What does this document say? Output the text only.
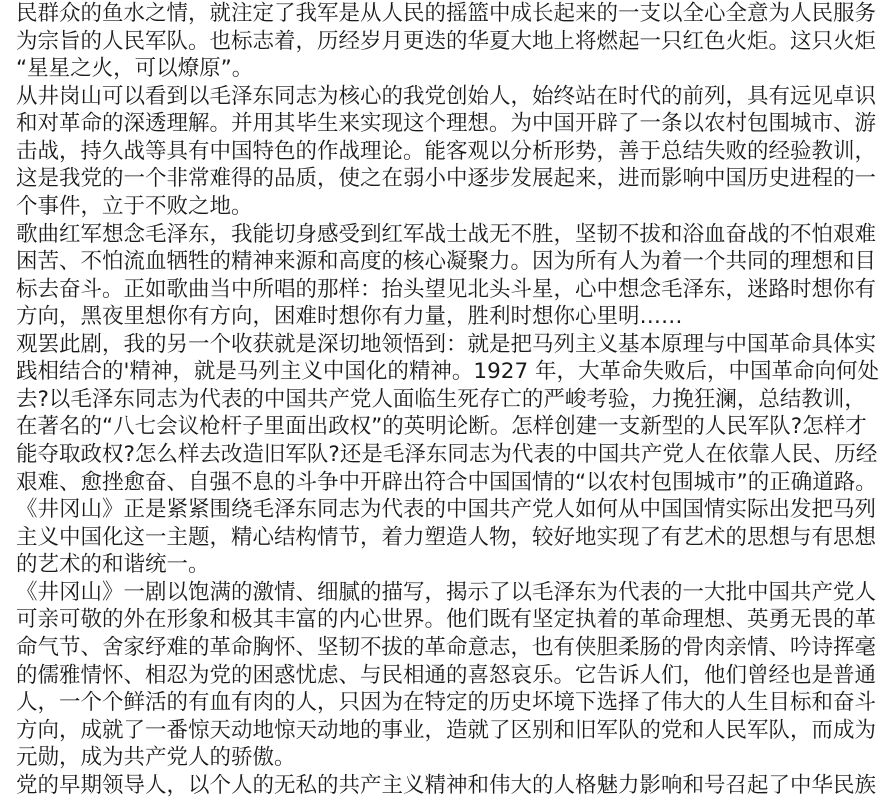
民群众的鱼水之情，就注定了我军是从人民的摇篮中成长起来的一支以全心全意为人民服务
为宗旨的人民军队。也标志着，历经岁月更迭的华夏大地上将燃起一只红色火炬。这只火炬
“星星之火，可以燎原”。
从井岗山可以看到以毛泽东同志为核心的我党创始人，始终站在时代的前列，具有远见卓识
和对革命的深透理解。并用其毕生来实现这个理想。为中国开辟了一条以农村包围城市、游
击战，持久战等具有中国特色的作战理论。能客观以分析形势，善于总结失败的经验教训，
这是我党的一个非常难得的品质，使之在弱小中逐步发展起来，进而影响中国历史进程的一
个事件，立于不败之地。
歌曲红军想念毛泽东，我能切身感受到红军战士战无不胜，坚韧不拔和浴血奋战的不怕艰难
困苦、不怕流血牺牲的精神来源和高度的核心凝聚力。因为所有人为着一个共同的理想和目
标去奋斗。正如歌曲当中所唱的那样：抬头望见北头斗星，心中想念毛泽东，迷路时想你有
方向，黑夜里想你有方向，困难时想你有力量，胜利时想你心里明……
观罢此剧，我的另一个收获就是深切地领悟到：就是把马列主义基本原理与中国革命具体实
践相结合的'精神，就是马列主义中国化的精神。1927 年，大革命失败后，中国革命向何处
去?以毛泽东同志为代表的中国共产党人面临生死存亡的严峻考验，力挽狂澜，总结教训，
在著名的“八七会议枪杆子里面出政权”的英明论断。怎样创建一支新型的人民军队?怎样才
能夺取政权?怎么样去改造旧军队?还是毛泽东同志为代表的中国共产党人在依靠人民、历经
艰难、愈挫愈奋、自强不息的斗争中开辟出符合中国国情的“以农村包围城市”的正确道路。
《井冈山》正是紧紧围绕毛泽东同志为代表的中国共产党人如何从中国国情实际出发把马列
主义中国化这一主题，精心结构情节，着力塑造人物，较好地实现了有艺术的思想与有思想
的艺术的和谐统一。
《井冈山》一剧以饱满的激情、细腻的描写，揭示了以毛泽东为代表的一大批中国共产党人
可亲可敬的外在形象和极其丰富的内心世界。他们既有坚定执着的革命理想、英勇无畏的革
命气节、舍家纾难的革命胸怀、坚韧不拔的革命意志，也有侠胆柔肠的骨肉亲情、吟诗挥毫
的儒雅情怀、相忍为党的困惑忧虑、与民相通的喜怒哀乐。它告诉人们，他们曾经也是普通
人，一个个鲜活的有血有肉的人，只因为在特定的历史坏境下选择了伟大的人生目标和奋斗
方向，成就了一番惊天动地惊天动地的事业，造就了区别和旧军队的党和人民军队，而成为
元勋，成为共产党人的骄傲。
党的早期领导人，以个人的无私的共产主义精神和伟大的人格魅力影响和号召起了中华民族
